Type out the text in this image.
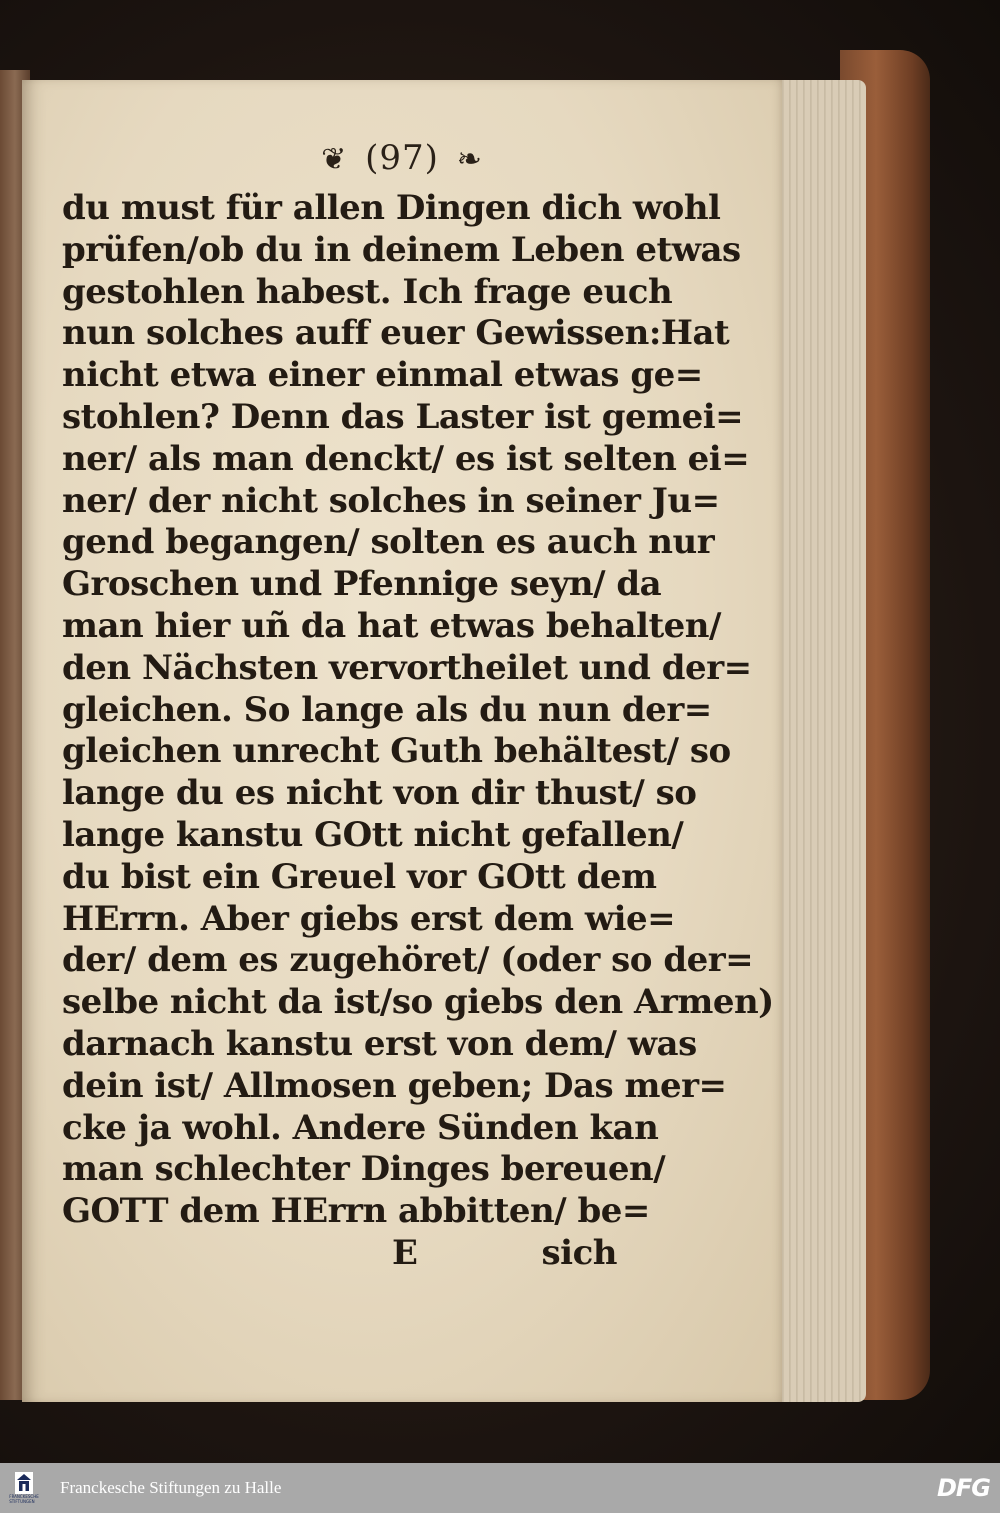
❦ (97) ❧
du must für allen Dingen dich wohl
prüfen/ob du in deinem Leben etwas
gestohlen habest. Ich frage euch
nun solches auff euer Gewissen:Hat
nicht etwa einer einmal etwas ge=
stohlen? Denn das Laster ist gemei=
ner/ als man denckt/ es ist selten ei=
ner/ der nicht solches in seiner Ju=
gend begangen/ solten es auch nur
Groschen und Pfennige seyn/ da
man hier uñ da hat etwas behalten/
den Nächsten vervortheilet und der=
gleichen. So lange als du nun der=
gleichen unrecht Guth behältest/ so
lange du es nicht von dir thust/ so
lange kanstu GOtt nicht gefallen/
du bist ein Greuel vor GOtt dem
HErrn. Aber giebs erst dem wie=
der/ dem es zugehöret/ (oder so der=
selbe nicht da ist/so giebs den Armen)
darnach kanstu erst von dem/ was
dein ist/ Allmosen geben; Das mer=
cke ja wohl. Andere Sünden kan
man schlechter Dinges bereuen/
GOTT dem HErrn abbitten/ be=
E	sich
FRANCKESCHE
STIFTUNGEN
Franckesche Stiftungen zu Halle	DFG
